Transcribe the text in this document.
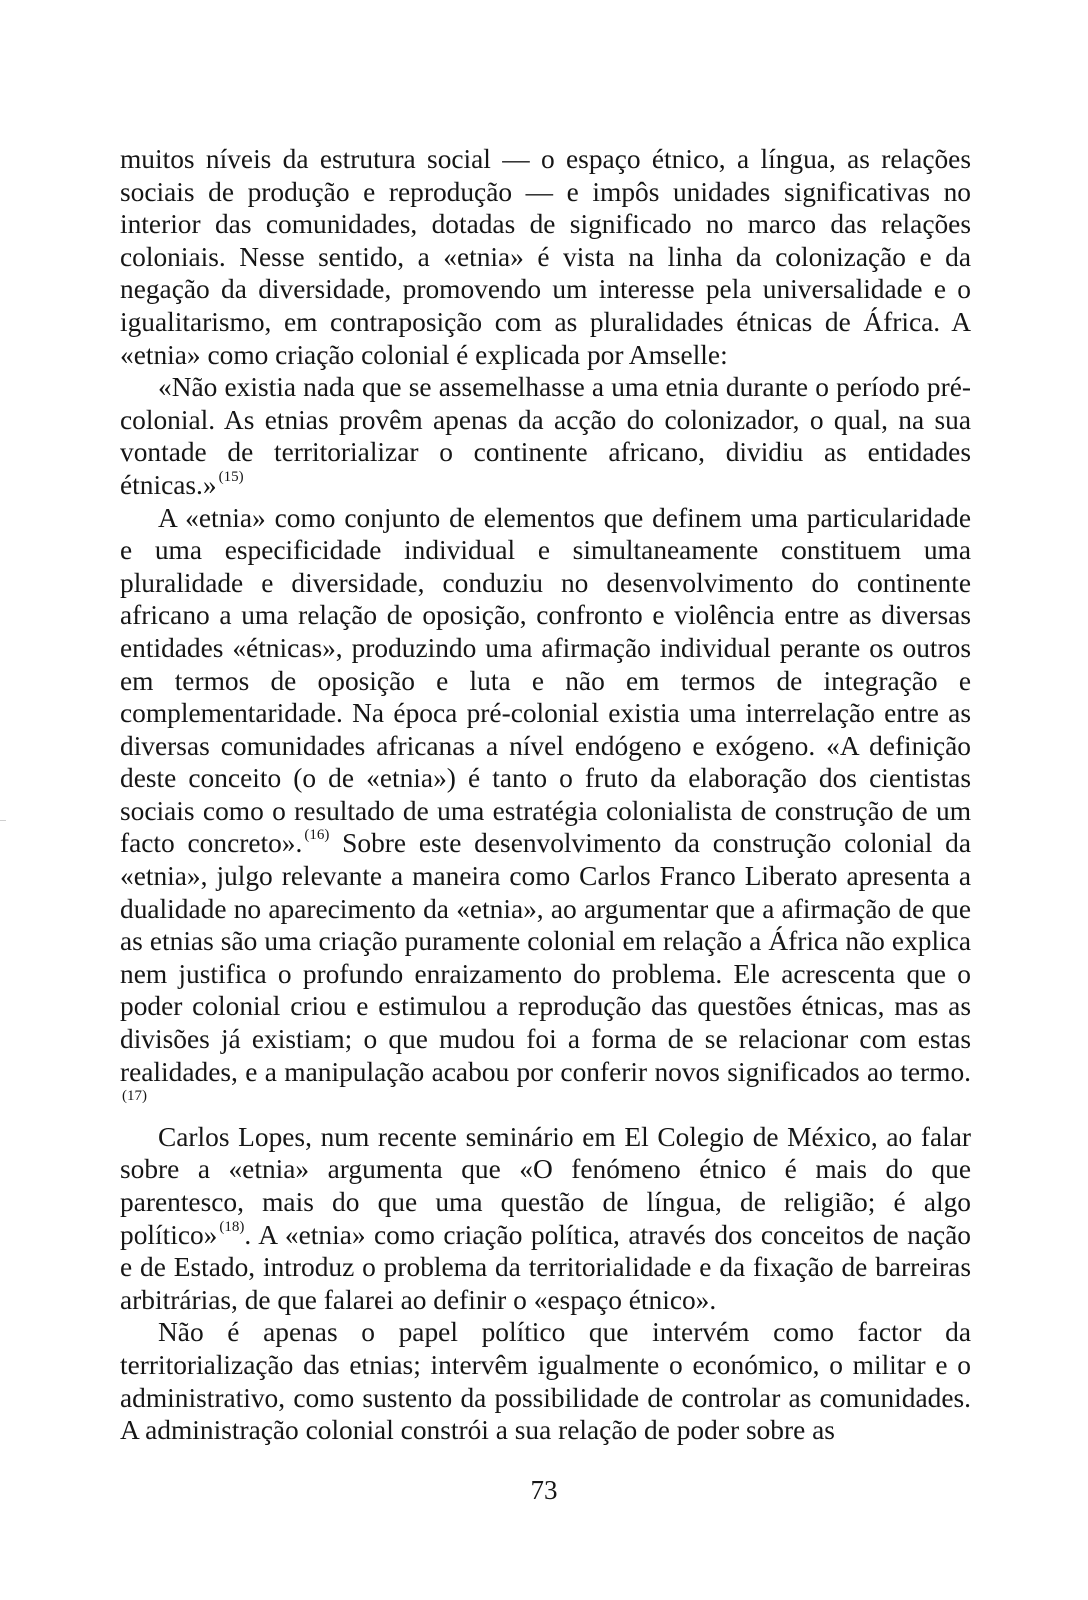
muitos níveis da estrutura social — o espaço étnico, a língua, as relações sociais de produção e reprodução — e impôs unidades significativas no interior das comunidades, dotadas de significado no marco das relações coloniais. Nesse sentido, a «etnia» é vista na linha da colonização e da negação da diversidade, promovendo um interesse pela universalidade e o igualitarismo, em contraposição com as pluralidades étnicas de África. A «etnia» como criação colonial é explicada por Amselle:

«Não existia nada que se assemelhasse a uma etnia durante o período pré-colonial. As etnias provêm apenas da acção do colonizador, o qual, na sua vontade de territorializar o continente africano, dividiu as entidades étnicas.» $^{(15)}$

A «etnia» como conjunto de elementos que definem uma particularidade e uma especificidade individual e simultaneamente constituem uma pluralidade e diversidade, conduziu no desenvolvimento do continente africano a uma relação de oposição, confronto e violência entre as diversas entidades «étnicas», produzindo uma afirmação individual perante os outros em termos de oposição e luta e não em termos de integração e complementaridade. Na época pré-colonial existia uma interrelação entre as diversas comunidades africanas a nível endógeno e exógeno. «A definição deste conceito (o de «etnia») é tanto o fruto da elaboração dos cientistas sociais como o resultado de uma estratégia colonialista de construção de um facto concreto». $^{(16)}$ Sobre este desenvolvimento da construção colonial da «etnia», julgo relevante a maneira como Carlos Franco Liberato apresenta a dualidade no aparecimento da «etnia», ao argumentar que a afirmação de que as etnias são uma criação puramente colonial em relação a África não explica nem justifica o profundo enraizamento do problema. Ele acrescenta que o poder colonial criou e estimulou a reprodução das questões étnicas, mas as divisões já existiam; o que mudou foi a forma de se relacionar com estas realidades, e a manipulação acabou por conferir novos significados ao termo.$^{(17)}$

Carlos Lopes, num recente seminário em El Colegio de México, ao falar sobre a «etnia» argumenta que «O fenómeno étnico é mais do que parentesco, mais do que uma questão de língua, de religião; é algo político» $^{(18)}$. A «etnia» como criação política, através dos conceitos de nação e de Estado, introduz o problema da territorialidade e da fixação de barreiras arbitrárias, de que falarei ao definir o «espaço étnico».

Não é apenas o papel político que intervém como factor da territorialização das etnias; intervêm igualmente o económico, o militar e o administrativo, como sustento da possibilidade de controlar as comunidades. A administração colonial constrói a sua relação de poder sobre as

73
